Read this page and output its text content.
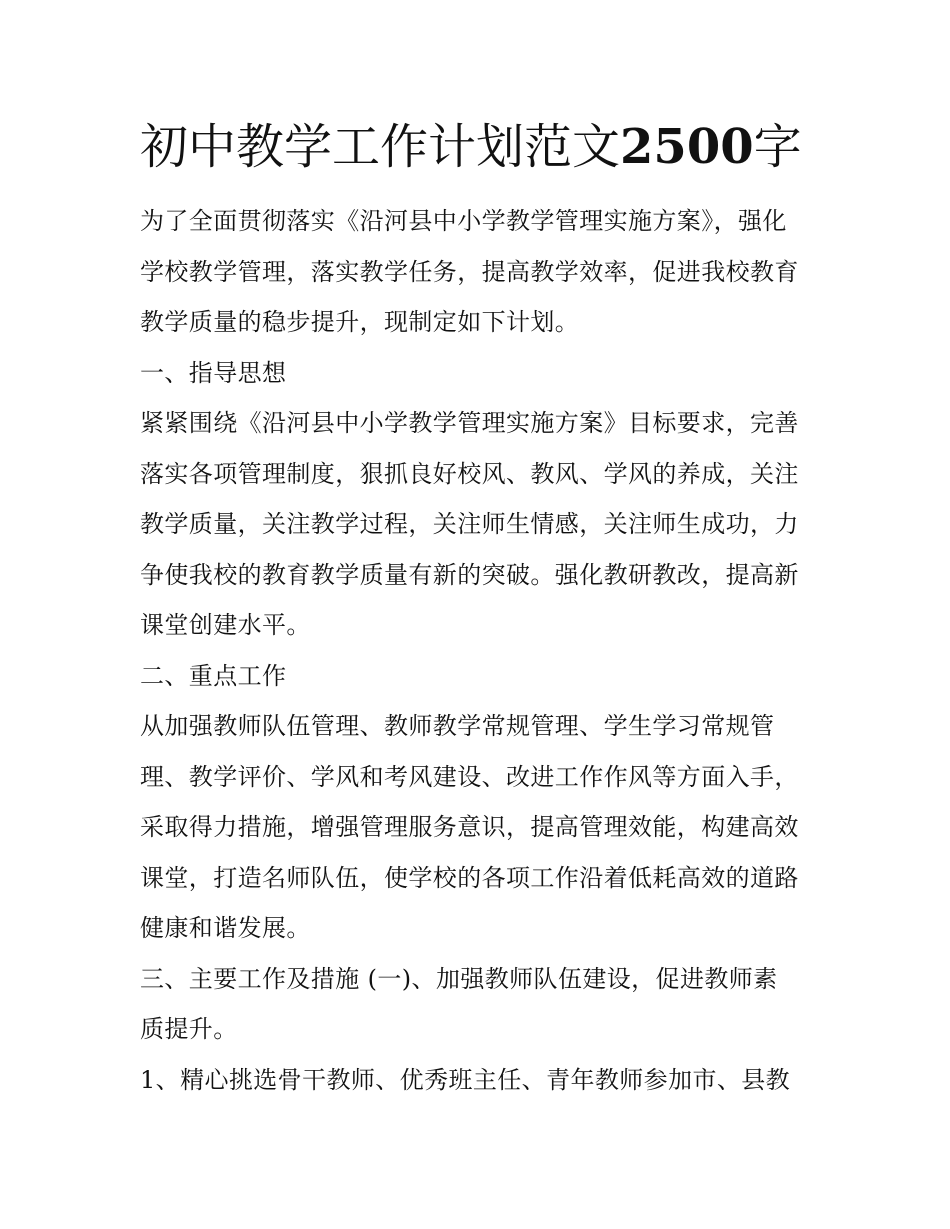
初中教学工作计划范文2500字

为了全面贯彻落实《沿河县中小学教学管理实施方案》，强化
学校教学管理，落实教学任务，提高教学效率，促进我校教育
教学质量的稳步提升，现制定如下计划。

一、指导思想

紧紧围绕《沿河县中小学教学管理实施方案》目标要求，完善
落实各项管理制度，狠抓良好校风、教风、学风的养成，关注
教学质量，关注教学过程，关注师生情感，关注师生成功，力
争使我校的教育教学质量有新的突破。强化教研教改，提高新
课堂创建水平。

二、重点工作

从加强教师队伍管理、教师教学常规管理、学生学习常规管
理、教学评价、学风和考风建设、改进工作作风等方面入手，
采取得力措施，增强管理服务意识，提高管理效能，构建高效
课堂，打造名师队伍，使学校的各项工作沿着低耗高效的道路
健康和谐发展。

三、主要工作及措施 (一)、加强教师队伍建设，促进教师素
质提升。

1、精心挑选骨干教师、优秀班主任、青年教师参加市、县教
